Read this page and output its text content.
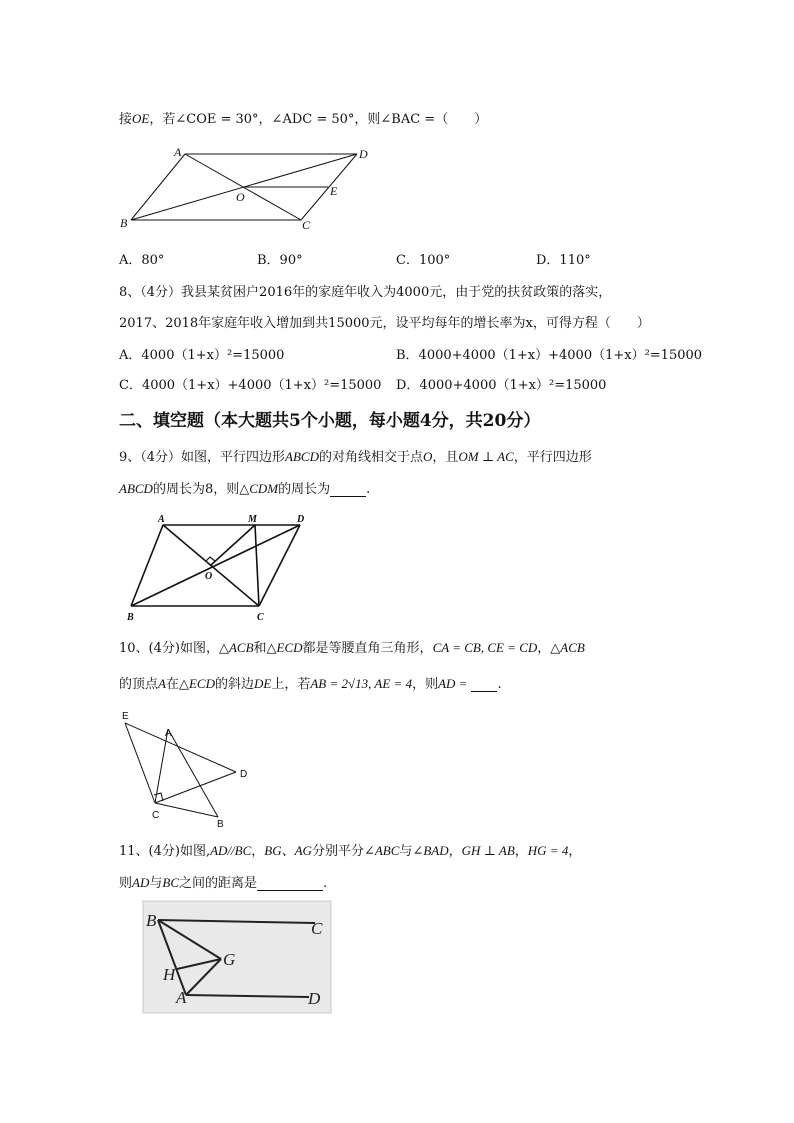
接OE，若∠COE = 30°，∠ADC = 50°，则∠BAC =（　　）
A	D
O	E
B	C
A．80°	B．90°	C．100°	D．110°
8、（4分）我县某贫困户2016年的家庭年收入为4000元，由于党的扶贫政策的落实，
2017、2018年家庭年收入增加到共15000元，设平均每年的增长率为x，可得方程（　　）
A．4000（1+x）²=15000	B．4000+4000（1+x）+4000（1+x）²=15000
C．4000（1+x）+4000（1+x）²=15000 D．4000+4000（1+x）²=15000
二、填空题（本大题共5个小题，每小题4分，共20分）
9、（4分）如图，平行四边形ABCD的对角线相交于点O，且OM ⊥ AC，平行四边形
ABCD的周长为8，则△CDM的周长为	.
A	M	D
O
B	C
10、(4分)如图，△ACB和△ECD都是等腰直角三角形，CA = CB, CE = CD，△ACB
的顶点A在△ECD的斜边DE上，若AB = 2√13, AE = 4，则AD = .
E
A
D
C
B
11、(4分)如图,AD//BC，BG、AG分别平分∠ABC与∠BAD，GH ⊥ AB，HG = 4，
则AD与BC之间的距离是	.
B	C
G
H
A	D
